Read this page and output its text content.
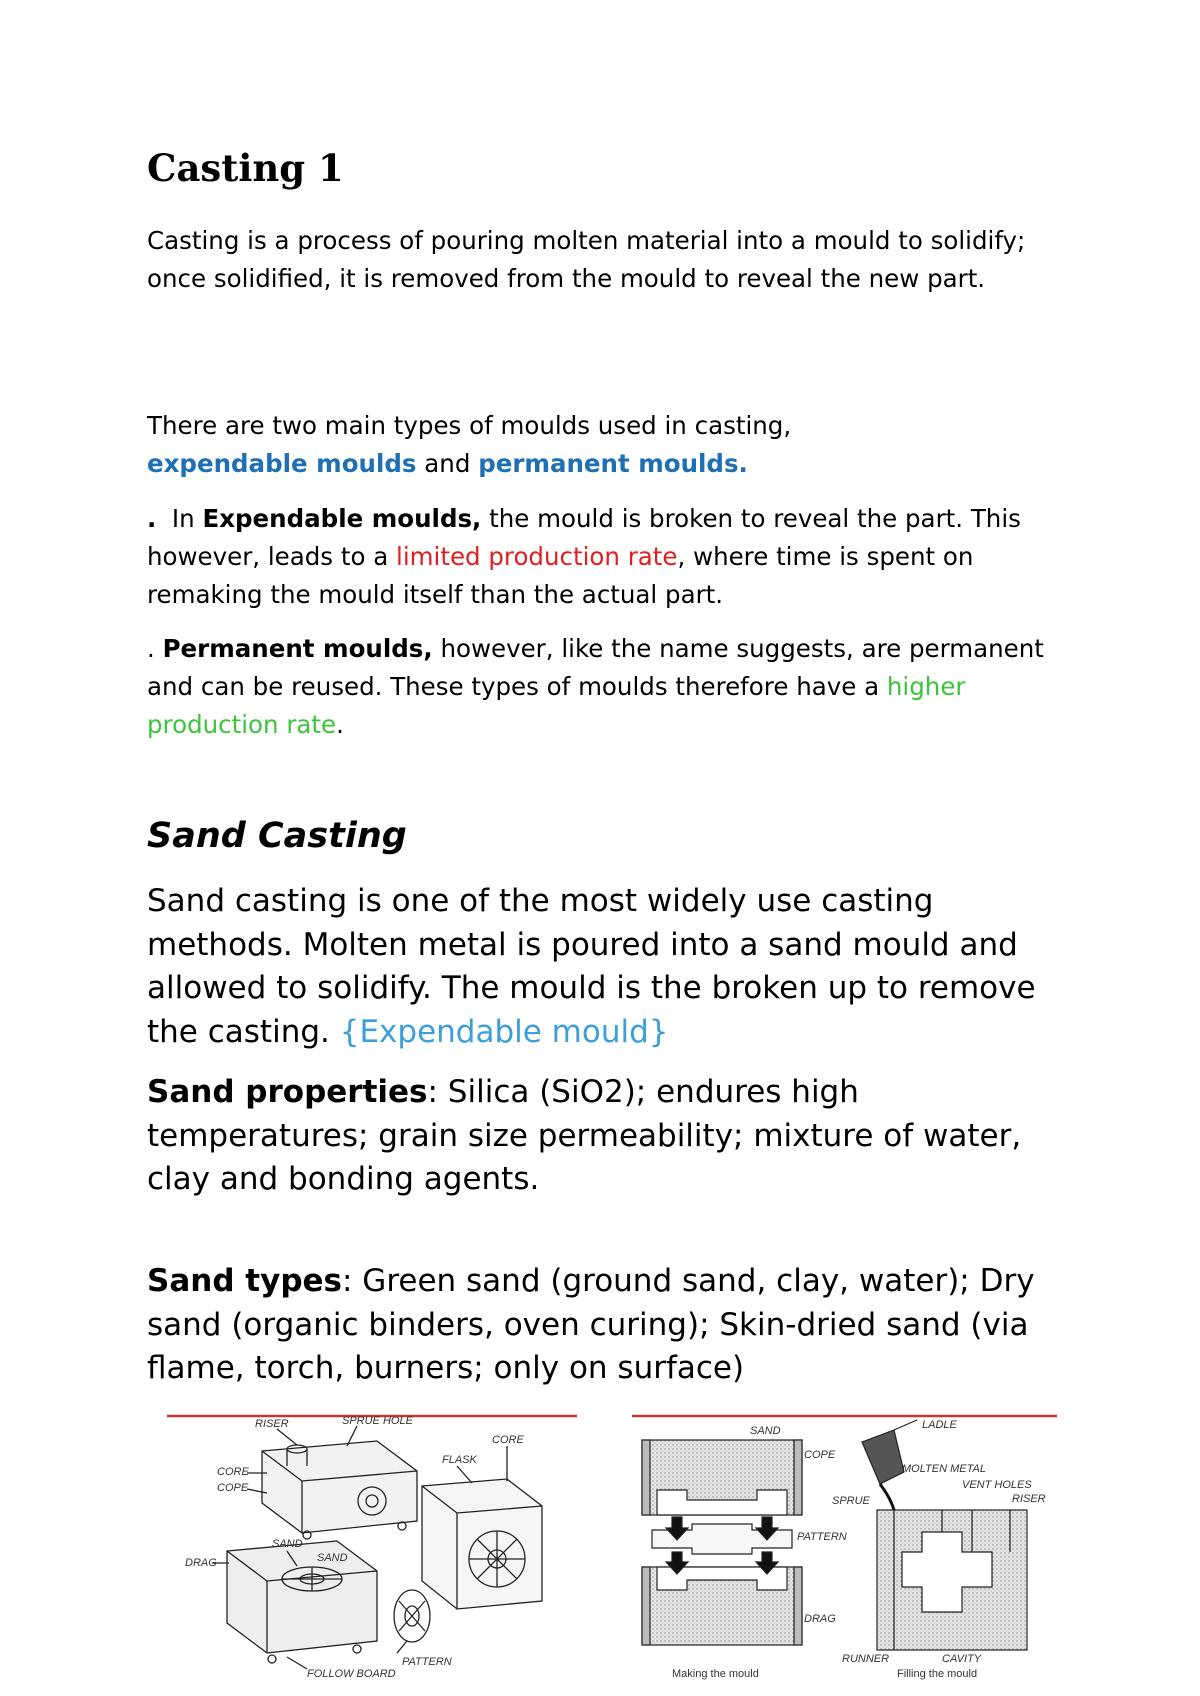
Casting 1

Casting is a process of pouring molten material into a mould to solidify; once solidified, it is removed from the mould to reveal the new part.

There are two main types of moulds used in casting,
expendable moulds and permanent moulds.

. In Expendable moulds, the mould is broken to reveal the part. This however, leads to a limited production rate, where time is spent on remaking the mould itself than the actual part.

. Permanent moulds, however, like the name suggests, are permanent and can be reused. These types of moulds therefore have a higher production rate.

Sand Casting

Sand casting is one of the most widely use casting methods. Molten metal is poured into a sand mould and allowed to solidify. The mould is the broken up to remove the casting. {Expendable mould}

Sand properties: Silica (SiO2); endures high temperatures; grain size permeability; mixture of water, clay and bonding agents.

Sand types: Green sand (ground sand, clay, water); Dry sand (organic binders, oven curing); Skin-dried sand (via flame, torch, burners; only on surface)

RISER	SPRUE HOLE
FLASK
CORE
CORE
COPE
DRAG
SAND
PATTERN
FOLLOW BOARD
SAND
SAND
COPE
PATTERN
DRAG
LADLE
MOLTEN METAL
VENT HOLES
RISER
SPRUE
RUNNER	CAVITY
Making the mould	Filling the mould
